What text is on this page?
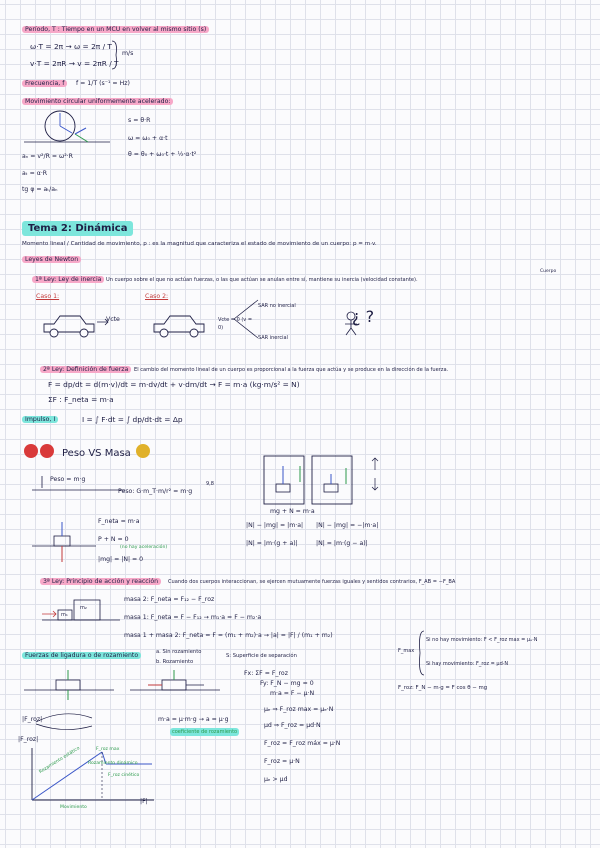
Período, T : Tiempo en un MCU en volver al mismo sitio (s)
ω·T = 2π → ω = 2π / T
v·T = 2πR → v = 2πR / T
m/s
Frecuencia, f	f = 1/T (s⁻¹ = Hz)
Movimiento circular uniformemente acelerado:
s = θ·R
ω = ω₀ + α·t
θ = θ₀ + ω₀·t + ½·α·t²
aₙ = v²/R = ω²·R
aₜ = α·R
tg φ = aₜ/aₙ
Tema 2: Dinámica
Momento lineal / Cantidad de movimiento, p : es la magnitud que caracteriza el estado de movimiento de un cuerpo: p = m·v.
Leyes de Newton
1ª Ley: Ley de inercia Un cuerpo sobre el que no actúan fuerzas, o las que actúan se anulan entre sí, mantiene su inercia (velocidad constante).
Cuerpo
Caso 1:	Caso 2:
Vcte	Vcte = 0 (v = 0)
SAR no inercial
SAR inercial
¿ ?
2ª Ley: Definición de fuerza	El cambio del momento lineal de un cuerpo es proporcional a la fuerza que actúa y se produce en la dirección de la fuerza.
F = dp/dt = d(m·v)/dt = m·dv/dt + v·dm/dt → F = m·a (kg·m/s² = N)
ΣF : F_neta = m·a
Impulso, I	I = ∫ F·dt = ∫ dp/dt·dt = Δp
Peso VS Masa
Peso = m·g
Peso: G·m_T·m/r² = m·g
9,8
F_neta = m·a
P + N = 0
(no hay aceleración)
|mg| = |N| = 0
mg + N = m·a
|N| − |mg| = |m·a| |N| − |mg| = −|m·a|
|N| = |m·(g + a)|	|N| = |m·(g − a)|
3ª Ley: Principio de acción y reacción	Cuando dos cuerpos interaccionan, se ejercen mutuamente fuerzas iguales y sentidos contrarios, F_AB = −F_BA
m₁
m₂
masa 2: F_neta = F₁₂ − F_roz
masa 1: F_neta = F − F₁₂ → m₁·a = F − m₂·a
masa 1 + masa 2: F_neta = F = (m₁ + m₂)·a → |a| = |F| / (m₁ + m₂)
Fuerzas de ligadura o de rozamiento	a. Sin rozamiento
b. Rozamiento
S: Superficie de separación
Fx: ΣF = F_roz
Fy: F_N − mg = 0
m·a = F − μ·N
F_max
Si no hay movimiento: F < F_roz max = μₑ·N
Si hay movimiento: F_roz = μd·N
F_roz: F_N − m·g = F cos θ − mg
|F_roz|	m·a = μ·m·g → a = μ·g
coeficiente de rozamiento
μₑ ⇒ F_roz max = μₑ·N
μd ⇒ F_roz = μd·N
F_roz = F_roz máx = μ·N
F_roz = μ·N
μₑ > μd
|F_roz|
|F|
Rozamiento estático Rozamiento dinámico
F_roz max
Movimiento
F_roz cinético
